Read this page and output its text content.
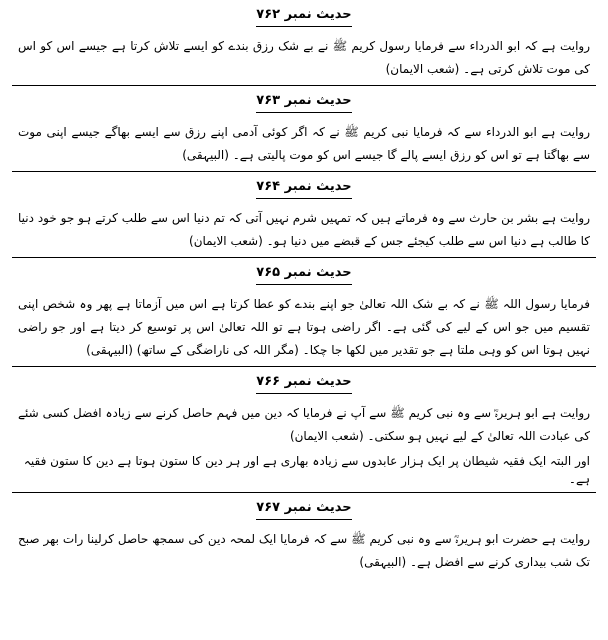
حدیث نمبر ۷۶۲
روایت ہے کہ ابو الدرداء سے فرمایا رسول کریم ﷺ نے بے شک رزق بندے کو ایسے تلاش کرتا ہے جیسے اس کو اس کی موت تلاش کرتی ہے۔ (شعب الایمان)
حدیث نمبر ۷۶۳
روایت ہے ابو الدرداء سے کہ فرمایا نبی کریم ﷺ نے کہ اگر کوئی آدمی اپنے رزق سے ایسے بھاگے جیسے اپنی موت سے بھاگتا ہے تو اس کو رزق ایسے پالے گا جیسے اس کو موت پالیتی ہے۔ (البیہقی)
حدیث نمبر ۷۶۴
روایت ہے بشر بن حارث سے وہ فرماتے ہیں کہ تمہیں شرم نہیں آتی کہ تم دنیا اس سے طلب کرتے ہو جو خود دنیا کا طالب ہے دنیا اس سے طلب کیجئے جس کے قبضے میں دنیا ہو۔ (شعب الایمان)
حدیث نمبر ۷۶۵
فرمایا رسول اللہ ﷺ نے کہ بے شک اللہ تعالیٰ جو اپنے بندے کو عطا کرتا ہے اس میں آزماتا ہے پھر وہ شخص اپنی تقسیم میں جو اس کے لیے کی گئی ہے۔ اگر راضی ہوتا ہے تو اللہ تعالیٰ اس پر توسیع کر دیتا ہے اور جو راضی نہیں ہوتا اس کو وہی ملتا ہے جو تقدیر میں لکھا جا چکا۔ (مگر اللہ کی ناراضگی کے ساتھ) (البیہقی)
حدیث نمبر ۷۶۶
روایت ہے ابو ہریرہؓ سے وہ نبی کریم ﷺ سے آپ نے فرمایا کہ دین میں فہم حاصل کرنے سے زیادہ افضل کسی شئے کی عبادت اللہ تعالیٰ کے لیے نہیں ہو سکتی۔ (شعب الایمان)
اور البتہ ایک فقیہ شیطان پر ایک ہزار عابدوں سے زیادہ بھاری ہے اور ہر دین کا ستون ہوتا ہے دین کا ستون فقیہ ہے۔
حدیث نمبر ۷۶۷
روایت ہے حضرت ابو ہریرہؓ سے وہ نبی کریم ﷺ سے کہ فرمایا ایک لمحہ دین کی سمجھ حاصل کرلینا رات بھر صبح تک شب بیداری کرنے سے افضل ہے۔ (البیہقی)
